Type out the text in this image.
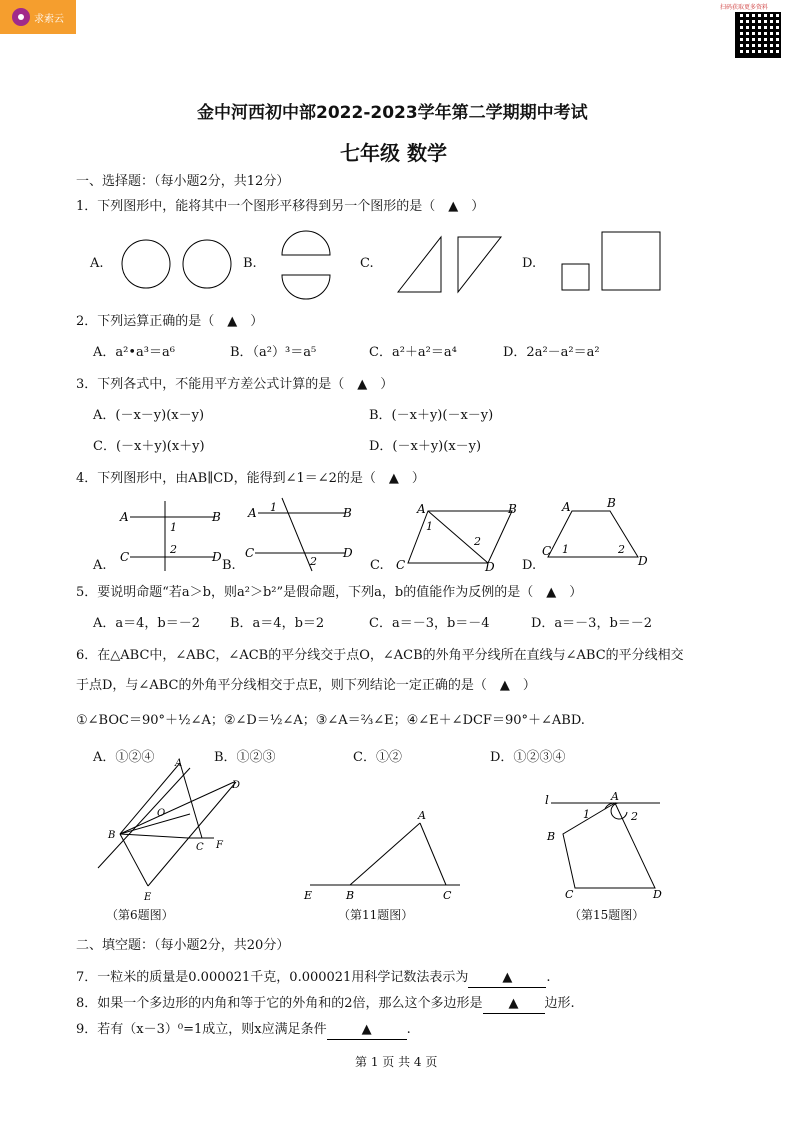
求索云
扫码获取更多资料
金中河西初中部2022-2023学年第二学期期中考试
七年级 数学
一、选择题：（每小题2分，共12分）
1．下列图形中，能将其中一个图形平移得到另一个图形的是（　▲　）
A.	B.	C.	D.
2．下列运算正确的是（　▲　）
A．a²•a³＝a⁶	B．（a²）³＝a⁵	C．a²＋a²＝a⁴	D．2a²－a²＝a²
3．下列各式中，不能用平方差公式计算的是（　▲　）
A．(－x－y)(x－y)	B．(－x＋y)(－x－y)
C．(－x＋y)(x＋y)	D．(－x＋y)(x－y)
4．下列图形中，由AB∥CD，能得到∠1＝∠2的是（　▲　）
A	B
C	D
1
2
A	B
C	D
1
2
A	B
C	D
1
2
A	B
C
D
1	2
A.	B.	C.	D.
5．要说明命题“若a＞b，则a²＞b²”是假命题，下列a，b的值能作为反例的是（　▲　）
A．a＝4，b＝－2 B．a＝4，b＝2	C．a＝－3，b＝－4	D．a＝－3，b＝－2
6．在△ABC中，∠ABC，∠ACB的平分线交于点O，∠ACB的外角平分线所在直线与∠ABC的平分线相交
于点D，与∠ABC的外角平分线相交于点E，则下列结论一定正确的是（　▲　）
①∠BOC＝90°＋½∠A；②∠D＝½∠A；③∠A＝⅔∠E；④∠E＋∠DCF＝90°＋∠ABD.
A．①②④	B．①②③	C．①②	D．①②③④
A
D
O
B
C F
E
A
E	B	C
l	A
B
C	D
1	2
（第6题图）	（第11题图）	（第15题图）
二、填空题：（每小题2分，共20分）
7．一粒米的质量是0.000021千克，0.000021用科学记数法表示为	▲	.
8．如果一个多边形的内角和等于它的外角和的2倍，那么这个多边形是 ▲ 边形.
9．若有（x－3）⁰=1成立，则x应满足条件	▲	.
第 1 页 共 4 页
